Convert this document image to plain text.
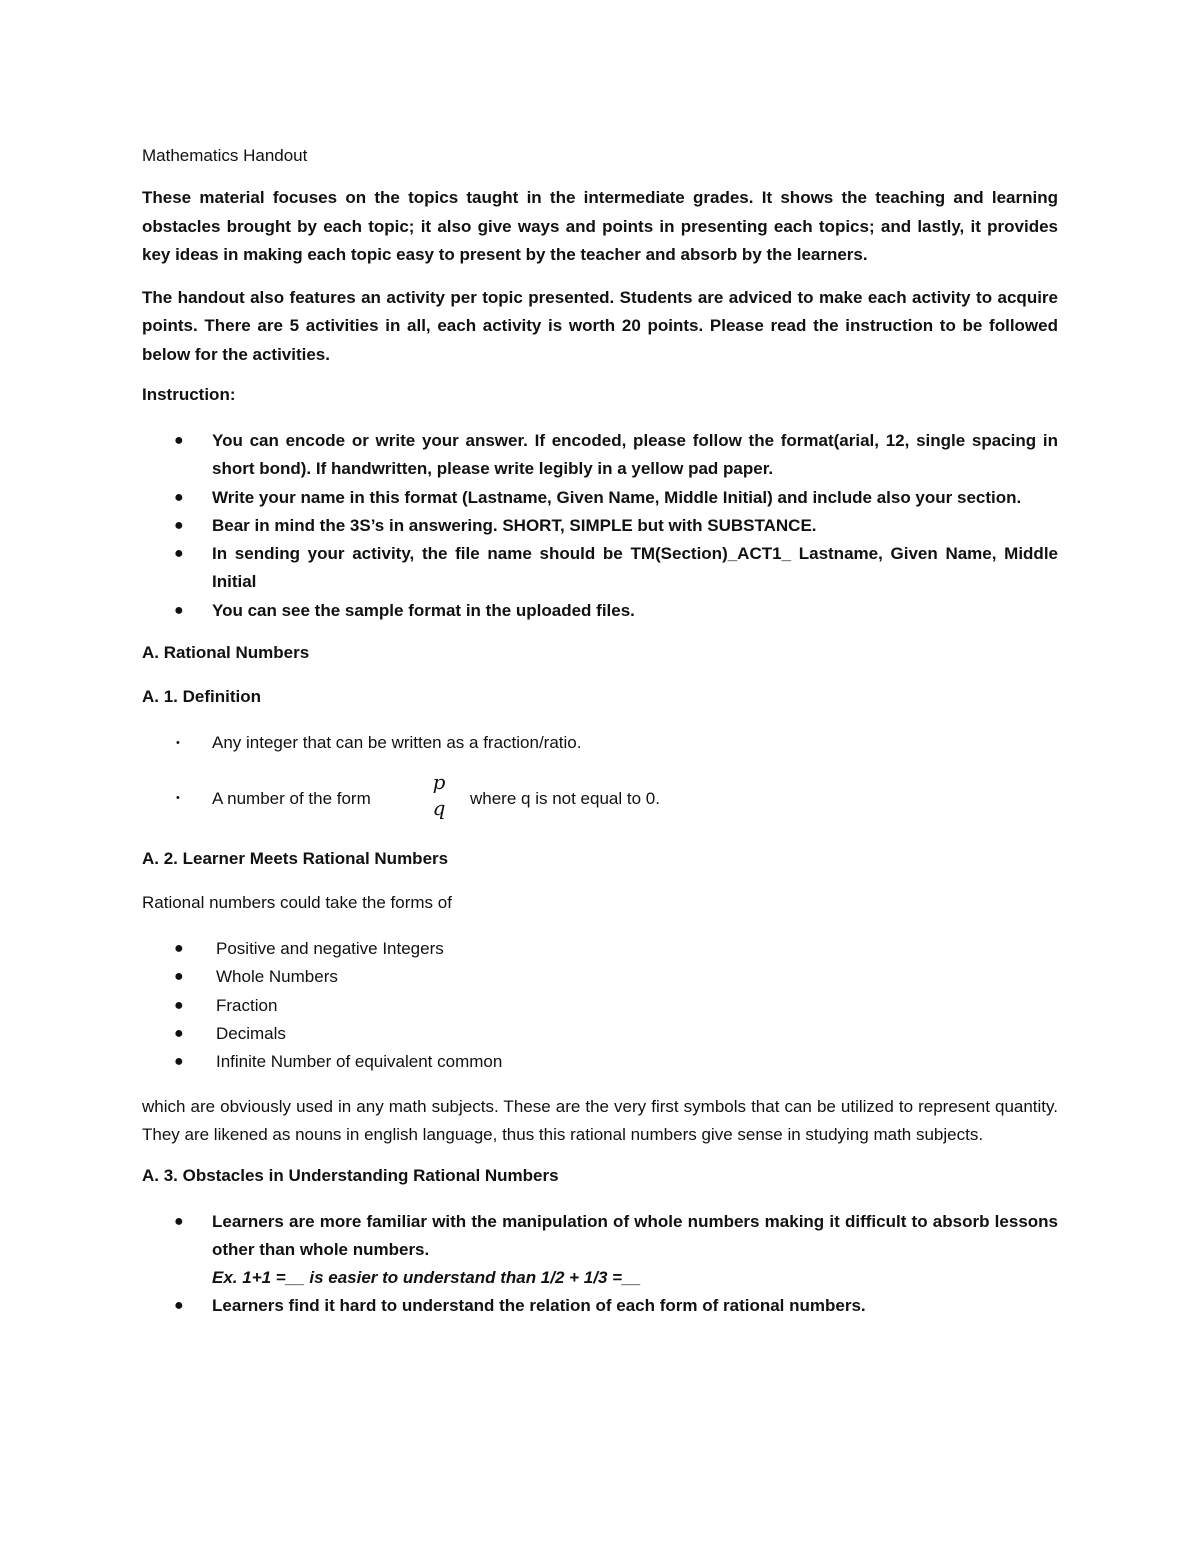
Mathematics Handout

These material focuses on the topics taught in the intermediate grades. It shows the teaching and learning obstacles brought by each topic; it also give ways and points in presenting each topics; and lastly, it provides key ideas in making each topic easy to present by the teacher and absorb by the learners.

The handout also features an activity per topic presented. Students are adviced to make each activity to acquire points. There are 5 activities in all, each activity is worth 20 points. Please read the instruction to be followed below for the activities.

Instruction:

● You can encode or write your answer. If encoded, please follow the format(arial, 12, single spacing in short bond). If handwritten, please write legibly in a yellow pad paper.
● Write your name in this format (Lastname, Given Name, Middle Initial) and include also your section.
● Bear in mind the 3S’s in answering. SHORT, SIMPLE but with SUBSTANCE.
● In sending your activity, the file name should be TM(Section)_ACT1_ Lastname, Given Name, Middle Initial
● You can see the sample format in the uploaded files.

A. Rational Numbers

A. 1. Definition

• Any integer that can be written as a fraction/ratio.
• A number of the form
p
q where q is not equal to 0.

A. 2. Learner Meets Rational Numbers

Rational numbers could take the forms of

● Positive and negative Integers
● Whole Numbers
● Fraction
● Decimals
● Infinite Number of equivalent common

which are obviously used in any math subjects. These are the very first symbols that can be utilized to represent quantity. They are likened as nouns in english language, thus this rational numbers give sense in studying math subjects.

A. 3. Obstacles in Understanding Rational Numbers

● Learners are more familiar with the manipulation of whole numbers making it difficult to absorb lessons other than whole numbers.
Ex. 1+1 =__ is easier to understand than 1/2 + 1/3 =__
● Learners find it hard to understand the relation of each form of rational numbers.
